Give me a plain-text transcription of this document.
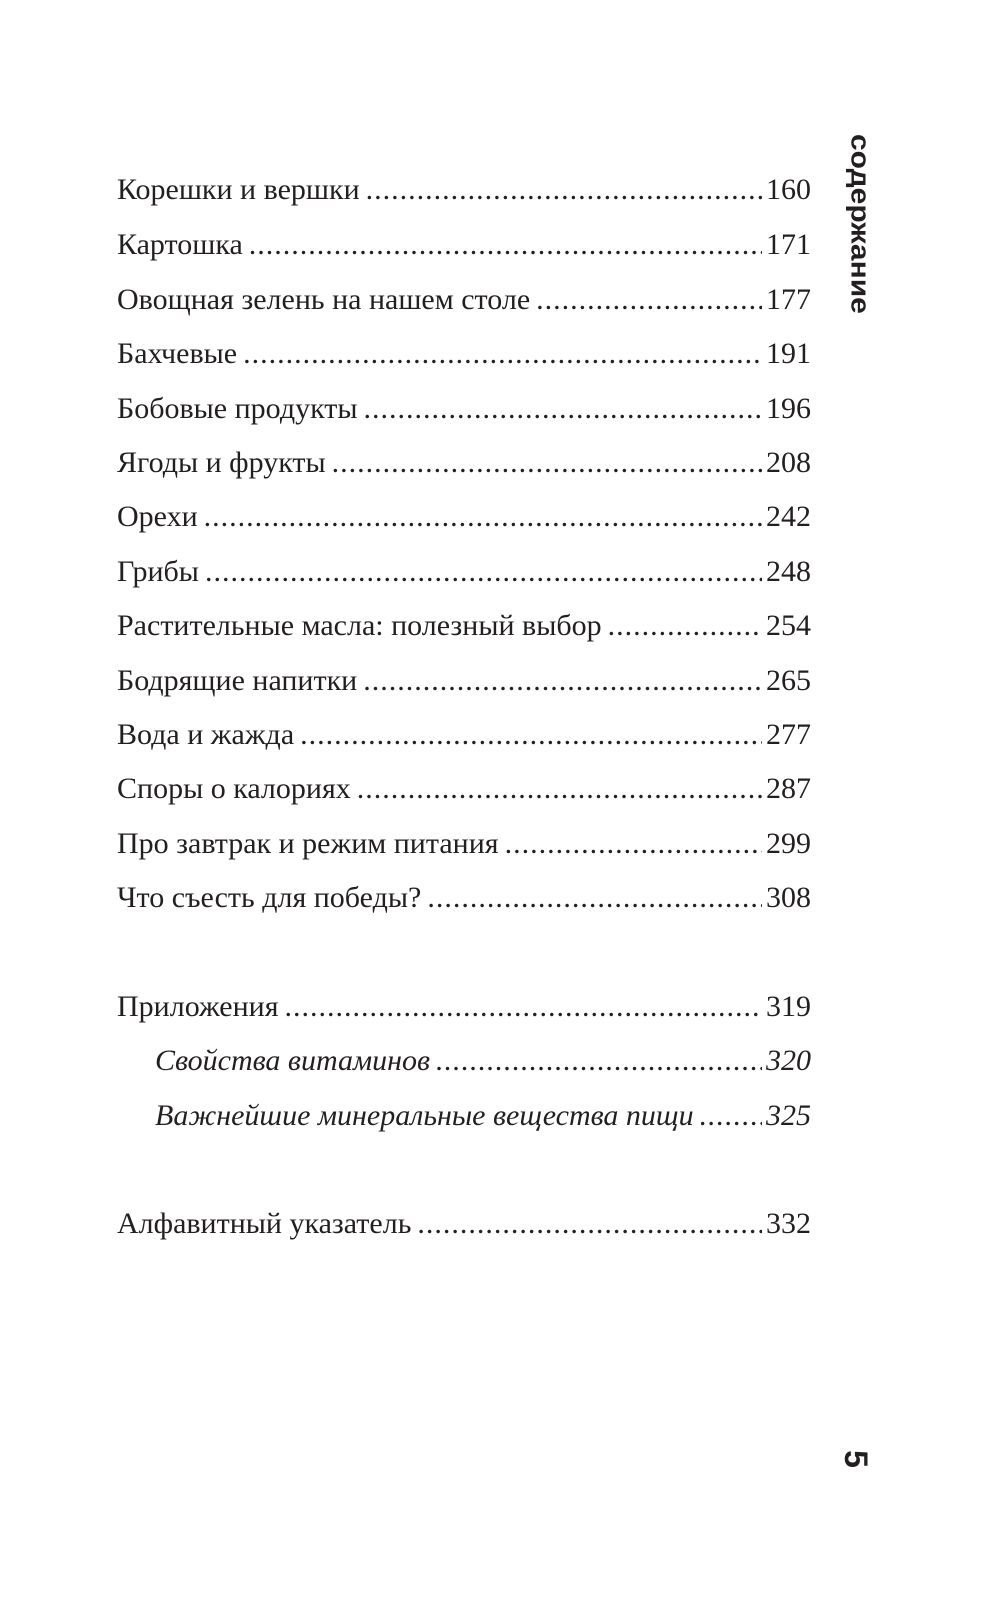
содержание
Корешки и вершки .....	160
Картошка .....	171
Овощная зелень на нашем столе .....	177
Бахчевые .....	191
Бобовые продукты .....	196
Ягоды и фрукты .....	208
Орехи .....	242
Грибы .....	248
Растительные масла: полезный выбор .....	254
Бодрящие напитки .....	265
Вода и жажда .....	277
Споры о калориях .....	287
Про завтрак и режим питания .....	299
Что съесть для победы? .....	308
Приложения .....	319
Свойства витаминов .....	320
Важнейшие минеральные вещества пищи ..... 325
Алфавитный указатель .....	332
5
